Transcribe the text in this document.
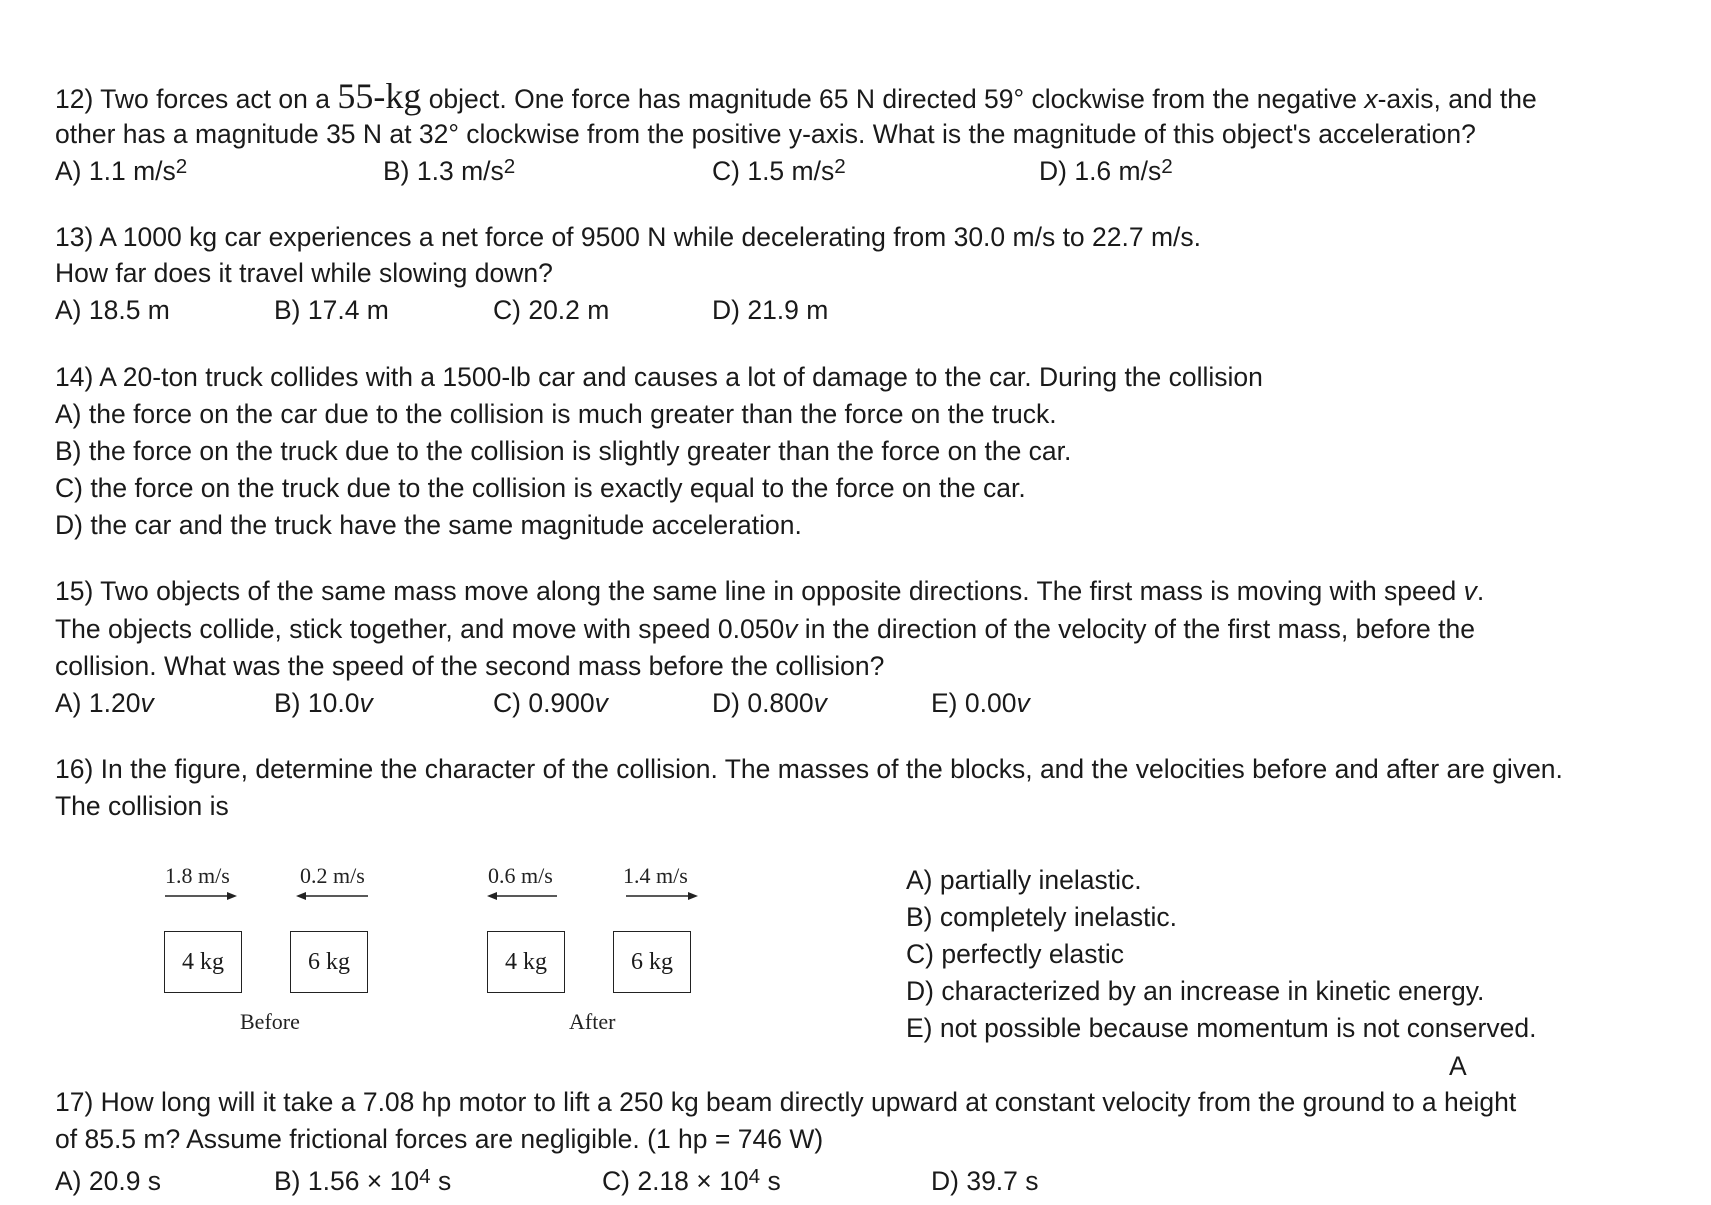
12) Two forces act on a 55-kg object. One force has magnitude 65 N directed 59° clockwise from the negative x-axis, and the
other has a magnitude 35 N at 32° clockwise from the positive y-axis. What is the magnitude of this object's acceleration?
A) 1.1 $m/s^2$	B) 1.3 $m/s^2$	C) 1.5 $m/s^2$	D) 1.6 $m/s^2$
13) A 1000 kg car experiences a net force of 9500 N while decelerating from 30.0 m/s to 22.7 m/s.
How far does it travel while slowing down?
A) 18.5 m	B) 17.4 m	C) 20.2 m	D) 21.9 m
14) A 20-ton truck collides with a 1500-lb car and causes a lot of damage to the car. During the collision
A) the force on the car due to the collision is much greater than the force on the truck.
B) the force on the truck due to the collision is slightly greater than the force on the car.
C) the force on the truck due to the collision is exactly equal to the force on the car.
D) the car and the truck have the same magnitude acceleration.
15) Two objects of the same mass move along the same line in opposite directions. The first mass is moving with speed v.
The objects collide, stick together, and move with speed 0.050v in the direction of the velocity of the first mass, before the
collision. What was the speed of the second mass before the collision?
A) 1.20v	B) 10.0v	C) 0.900v	D) 0.800v	E) 0.00v
16) In the figure, determine the character of the collision. The masses of the blocks, and the velocities before and after are given.
The collision is
1.8 m/s	0.2 m/s
4 kg	6 kg
Before
0.6 m/s	1.4 m/s
4 kg	6 kg
After
A) partially inelastic.
B) completely inelastic.
C) perfectly elastic
D) characterized by an increase in kinetic energy.
E) not possible because momentum is not conserved.
A
17) How long will it take a 7.08 hp motor to lift a 250 kg beam directly upward at constant velocity from the ground to a height
of 85.5 m? Assume frictional forces are negligible. (1 hp = 746 W)
A) 20.9 s	B) $1.56 \times 10^4$ s	C) $2.18 \times 10^4$ s	D) 39.7 s
